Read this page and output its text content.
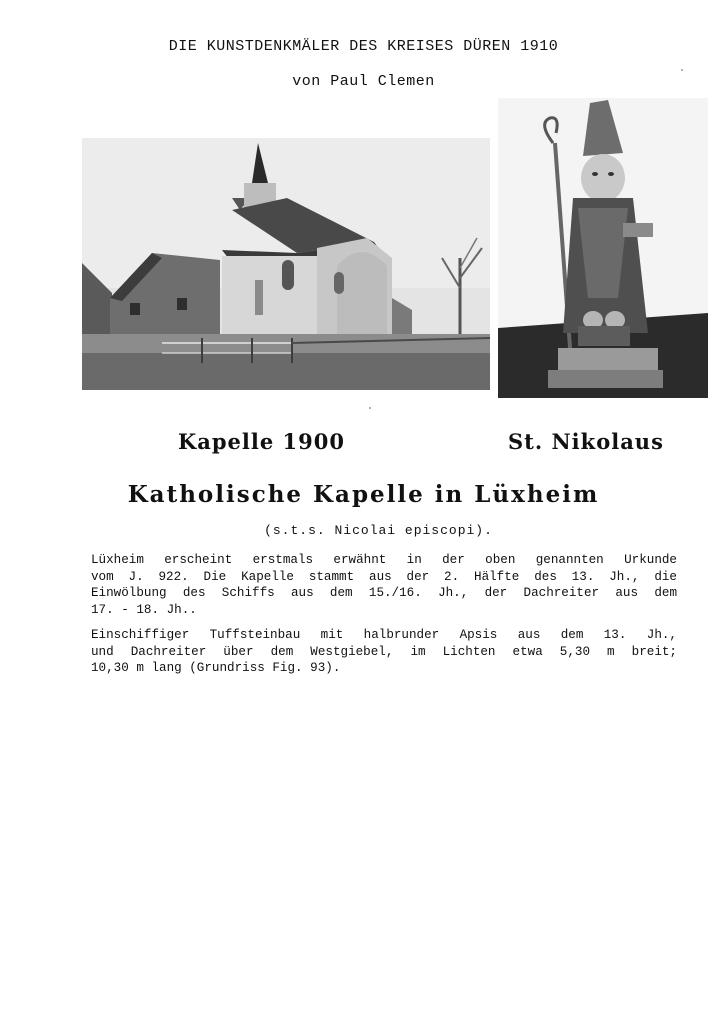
DIE KUNSTDENKMÄLER DES KREISES DÜREN 1910
von Paul Clemen
Kapelle 1900	St. Nikolaus
Katholische Kapelle in Lüxheim
(s.t.s. Nicolai episcopi).
Lüxheim erscheint erstmals erwähnt in der oben genannten Urkunde
vom J. 922. Die Kapelle stammt aus der 2. Hälfte des 13. Jh., die
Einwölbung des Schiffs aus dem 15./16. Jh., der Dachreiter aus dem
17. - 18. Jh..
Einschiffiger Tuffsteinbau mit halbrunder Apsis aus dem 13. Jh.,
und Dachreiter über dem Westgiebel, im Lichten etwa 5,30 m breit;
10,30 m lang (Grundriss Fig. 93).
